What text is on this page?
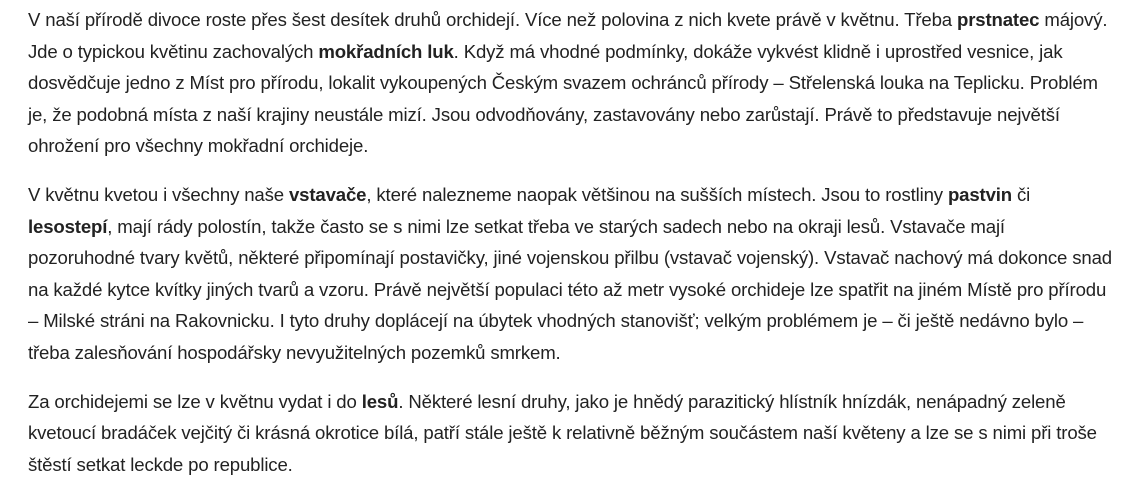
V naší přírodě divoce roste přes šest desítek druhů orchidejí. Více než polovina z nich kvete právě v květnu. Třeba prstnatec májový. Jde o typickou květinu zachovalých mokřadních luk. Když má vhodné podmínky, dokáže vykvést klidně i uprostřed vesnice, jak dosvědčuje jedno z Míst pro přírodu, lokalit vykoupených Českým svazem ochránců přírody – Střelenská louka na Teplicku. Problém je, že podobná místa z naší krajiny neustále mizí. Jsou odvodňovány, zastavovány nebo zarůstají. Právě to představuje největší ohrožení pro všechny mokřadní orchideje.

V květnu kvetou i všechny naše vstavače, které nalezneme naopak většinou na sušších místech. Jsou to rostliny pastvin či lesostepí, mají rády polostín, takže často se s nimi lze setkat třeba ve starých sadech nebo na okraji lesů. Vstavače mají pozoruhodné tvary květů, některé připomínají postavičky, jiné vojenskou přilbu (vstavač vojenský). Vstavač nachový má dokonce snad na každé kytce kvítky jiných tvarů a vzoru. Právě největší populaci této až metr vysoké orchideje lze spatřit na jiném Místě pro přírodu – Milské stráni na Rakovnicku. I tyto druhy doplácejí na úbytek vhodných stanovišť; velkým problémem je – či ještě nedávno bylo – třeba zalesňování hospodářsky nevyužitelných pozemků smrkem.

Za orchidejemi se lze v květnu vydat i do lesů. Některé lesní druhy, jako je hnědý parazitický hlístník hnízdák, nenápadný zeleně kvetoucí bradáček vejčitý či krásná okrotice bílá, patří stále ještě k relativně běžným součástem naší květeny a lze se s nimi při troše štěstí setkat leckde po republice.
